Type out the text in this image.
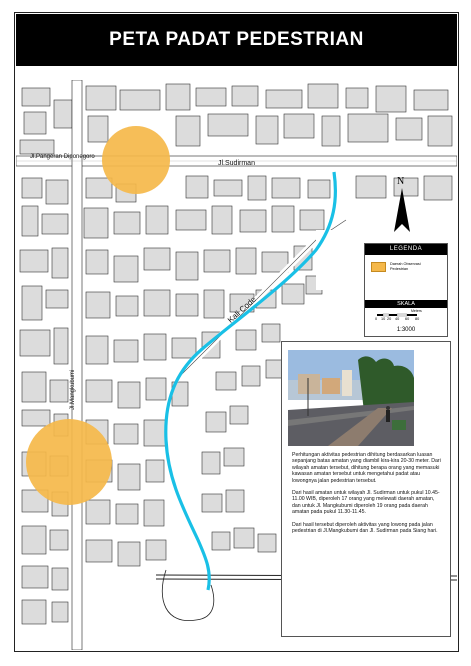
PETA PADAT PEDESTRIAN
Jl.Pangeran Diponegoro
Jl.Sudirman
Jl.Mangkubumi
Kali Code
N
LEGENDA
Daerah Observasi Pedestrian
SKALA
0	10 20 40	60	80
Meters
1:3000

Perhitungan aktivitas pedestrian dihitung berdasarkan luasan sepanjang batas amatan yang diambil kira-kira 20-30 meter. Dari wilayah amatan tersebut, dihitung berapa orang yang memasuki kawasan amatan tersebut untuk mengetahui padat atau lowongnya jalan pedestrian tersebut.

Dari hasil amatan untuk wilayah Jl. Sudirman untuk pukul 10.45-11.00 WIB, diperoleh 17 orang yang melewati daerah amatan, dan untuk Jl. Mangkubumi diperoleh 19 orang pada daerah amatan pada pukul 11.30-11.45.

Dari hasil tersebut diperoleh aktivitas yang lowong pada jalan pedestrian di Jl.Mangkubumi dan Jl. Sudirman pada Siang hari.
